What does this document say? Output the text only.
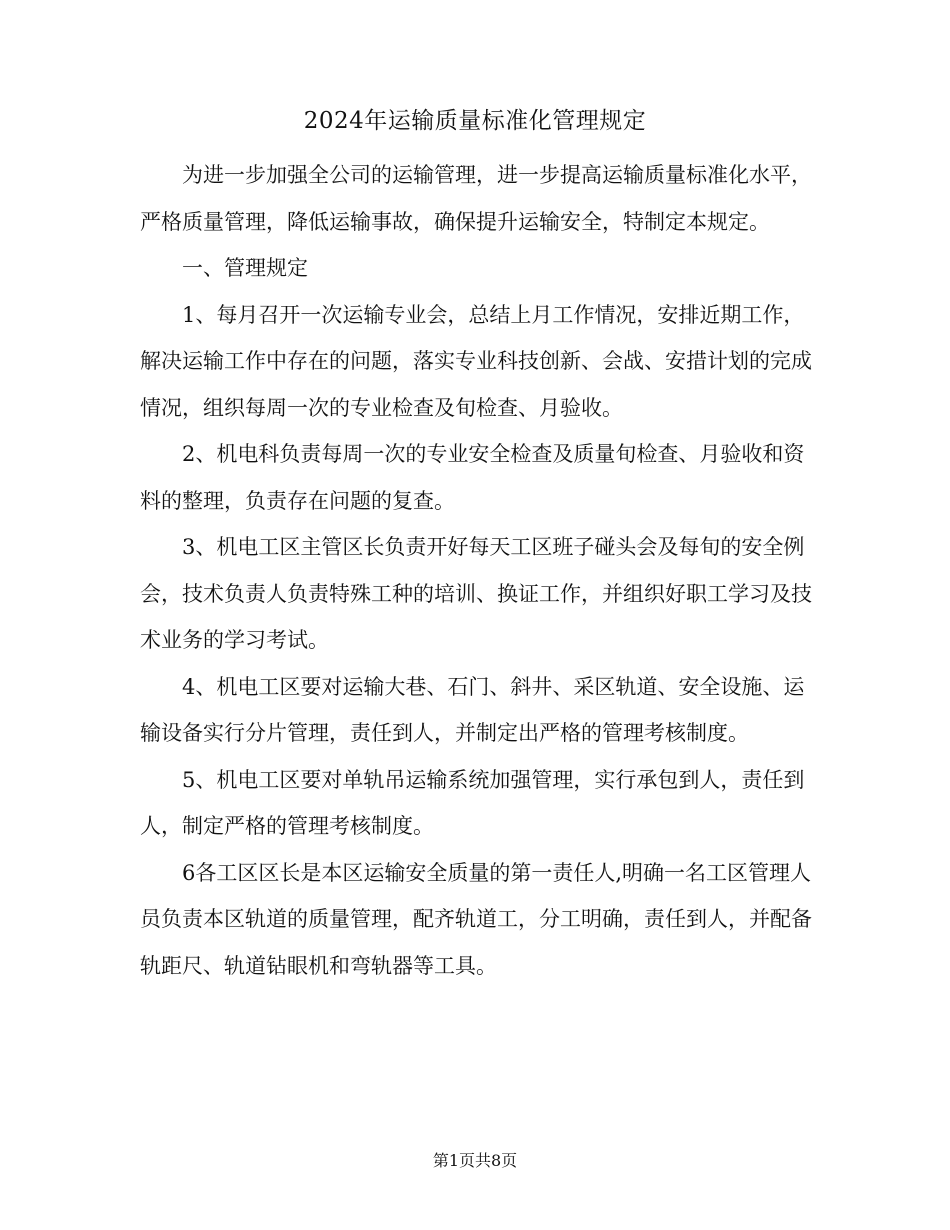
2024年运输质量标准化管理规定

为进一步加强全公司的运输管理，进一步提高运输质量标准化水平，严格质量管理，降低运输事故，确保提升运输安全，特制定本规定。

一、管理规定

1、每月召开一次运输专业会，总结上月工作情况，安排近期工作，解决运输工作中存在的问题，落实专业科技创新、会战、安措计划的完成情况，组织每周一次的专业检查及旬检查、月验收。

2、机电科负责每周一次的专业安全检查及质量旬检查、月验收和资料的整理，负责存在问题的复查。

3、机电工区主管区长负责开好每天工区班子碰头会及每旬的安全例会，技术负责人负责特殊工种的培训、换证工作，并组织好职工学习及技术业务的学习考试。

4、机电工区要对运输大巷、石门、斜井、采区轨道、安全设施、运输设备实行分片管理，责任到人，并制定出严格的管理考核制度。

5、机电工区要对单轨吊运输系统加强管理，实行承包到人，责任到人，制定严格的管理考核制度。

6各工区区长是本区运输安全质量的第一责任人,明确一名工区管理人员负责本区轨道的质量管理，配齐轨道工，分工明确，责任到人，并配备轨距尺、轨道钻眼机和弯轨器等工具。

第1页共8页
